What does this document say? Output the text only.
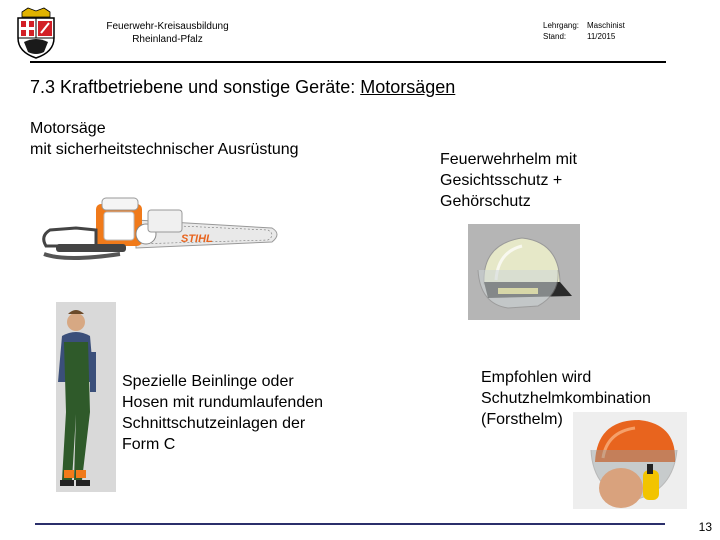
Feuerwehr-Kreisausbildung
Rheinland-Pfalz
Lehrgang: Maschinist
Stand:	11/2015
7.3 Kraftbetriebene und sonstige Geräte: Motorsägen
Motorsäge
mit sicherheitstechnischer Ausrüstung
STIHL
Feuerwehrhelm mit
Gesichtsschutz +
Gehörschutz
Spezielle Beinlinge oder
Hosen mit rundumlaufenden
Schnittschutzeinlagen der
Form C
Empfohlen wird
Schutzhelmkombination
(Forsthelm)
13
